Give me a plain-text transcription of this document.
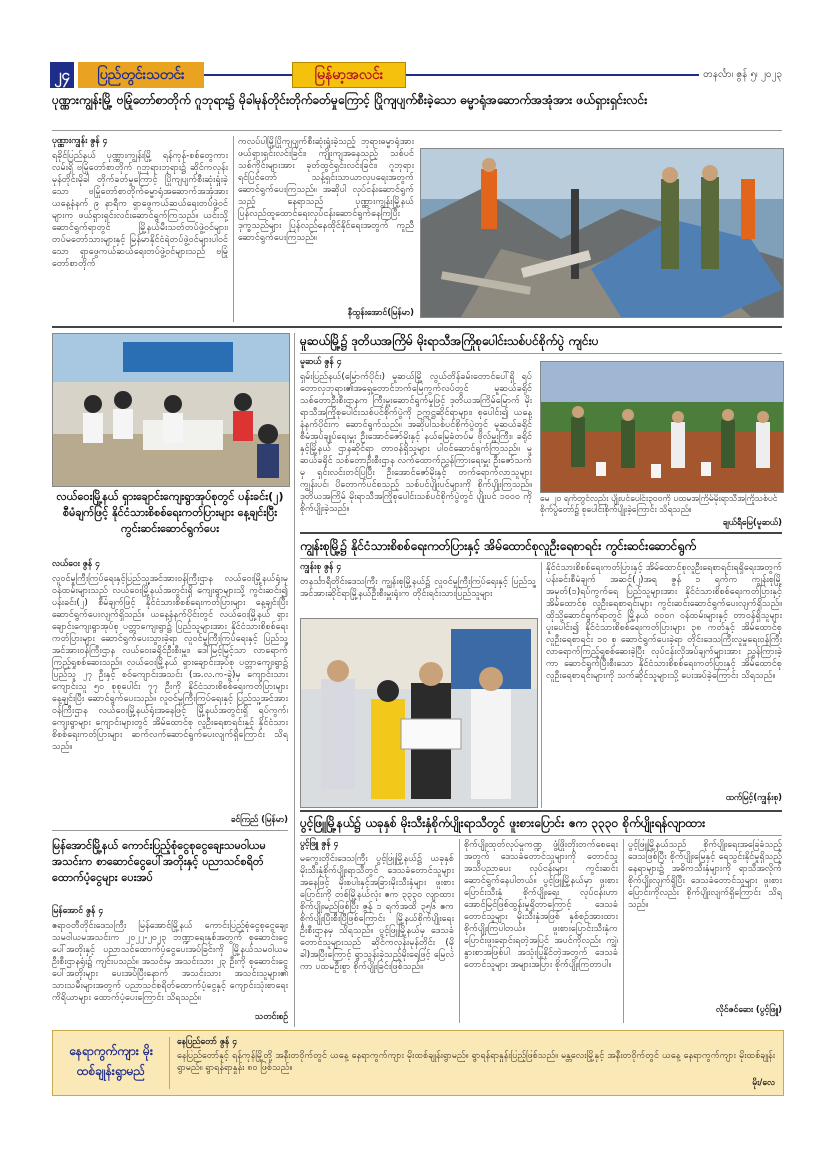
၂၄	ပြည်တွင်းသတင်း	မြန်မာ့အလင်း	တနင်္လာ၊ ဇွန် ၅၊ ၂၀၂၃
ပုဏ္ဏားကျွန်းမြို့ ဗမြုံတော်စာတိုက် ဂူဘုရား၌ မိုခါမုန်တိုင်းတိုက်ခတ်မှုကြောင့် ပြိုကျပျက်စီးခဲ့သော ဓမ္မာရုံအဆောက်အအုံအား ဖယ်ရှားရှင်းလင်း
ပုဏ္ဏားကျွန်း ဇွန် ၄
ရခိုင်ပြည်နယ် ပုဏ္ဏားကျွန်းမြို့ ရန်ကုန်-စစ်တွေကားလမ်းရှိ ဗမြုံတော်စာတိုက် ဂူဘုရားဘုရား၌ ဆိုင်ကလုန်းမုန်တိုင်းမိုခါ တိုက်ခတ်မှုကြောင့် ပြိုကျပျက်စီးဆုံးရှုံးခဲ့သော ဗမြုံတော်စာတိုက်ဓမ္မာရုံအဆောက်အအုံအား ယနေ့နံနက် ၉ နာရီက ရှာဖွေကယ်ဆယ်ရေးတပ်ဖွဲ့ဝင်များက ဖယ်ရှားရှင်းလင်းဆောင်ရွက်ကြသည်။ ယင်းသို့ဆောင်ရွက်ရာတွင် မြို့နယ်မီးသတ်တပ်ဖွဲ့ဝင်များ၊ တပ်မတော်သားများနှင့် မြန်မာနိုင်ငံရဲတပ်ဖွဲ့ဝင်များပါဝင်သော ရှာဖွေကယ်ဆယ်ရေးတပ်ဖွဲ့ဝင်များသည် ဗမြုံတော်စာတိုက်
ကလပ်ပါမြို့ပြိုကျပျက်စီးဆုံးရှုံးခဲ့သည့် ဘုရားဓမ္မာရုံအား ဖယ်ရှားရှင်းလင်းခြင်း၊ ကျိုးကျအနေသည့် သစ်ပင်သစ်ကိုင်းများအား ခုတ်ထွင်ရှင်းလင်းခြင်း၊ ဂူဘုရားရင်ပြင်တော် သန့်ရှင်းသာယာလှပရေးအတွက် ဆောင်ရွက်ပေးကြသည်။ အဆိုပါ လုပ်ငန်းဆောင်ရွက်သည့် နေရာသည် ပုဏ္ဏားကျွန်းမြို့နယ်ပြန်လည်ထူထောင်ရေးလုပ်ငန်းဆောင်ရွက်နေကြပြီး ဒုက္ခသည်များ ပြန်လည်နေထိုင်နိုင်ရေးအတွက် ကူညီဆောင်ရွက်ပေးကြသည်။
နီထွန်းအောင်(မြန်မာ)
လယ်ဝေးမြို့နယ် ရှားချောင်းကျေးရွာအုပ်စုတွင် ပန်းခင်း(၂) စီမံချက်ဖြင့် နိုင်ငံသားစိစစ်ရေးကတ်ပြားများ နေ့ချင်းပြီး ကွင်းဆင်းဆောင်ရွက်ပေး
လယ်ဝေး ဇွန် ၄
လူဝင်မှုကြီးကြပ်ရေးနှင့်ပြည်သူ့အင်အားဝန်ကြီးဌာန လယ်ဝေးမြို့နယ်ရုံးမှ ဝန်ထမ်းများသည် လယ်ဝေးမြို့နယ်အတွင်းရှိ ကျေးရွာများသို့ ကွင်းဆင်း၍ ပန်းခင်း(၂) စီမံချက်ဖြင့် နိုင်ငံသားစိစစ်ရေးကတ်ပြားများ နေ့ချင်းပြီး ဆောင်ရွက်ပေးလျက်ရှိသည်။ ယနေ့နံနက်ပိုင်းတွင် လယ်ဝေးမြို့နယ် ရှားချောင်းကျေးရွာအုပ်စု ပတ္တာကျေးရွာ၌ ပြည်သူများအား နိုင်ငံသားစိစစ်ရေးကတ်ပြားများ ဆောင်ရွက်ပေးသွားခဲ့ရာ လူဝင်မှုကြီးကြပ်ရေးနှင့် ပြည်သူ့အင်အားဝန်ကြီးဌာန လယ်ဝေးခရိုင်ဦးစီးမှူး၊ ဒေါ်မြင့်မြင့်သာ လာရောက်ကြည့်ရှုစစ်ဆေးသည်။ လယ်ဝေးမြို့နယ် ရှားချောင်းအုပ်စု ပတ္တာကျေးရွာ၌ ပြည်သူ ၂၇ ဦးနှင့် စဝ်ကျောင်းအသင်း (အ.လ.က-ခွဲ)မှ ကျောင်းသား ကျောင်းသူ ၅၀ စုစုပေါင်း ၇၇ ဦးကို နိုင်ငံသားစိစစ်ရေးကတ်ပြားများ နေ့ချင်းပြီး ဆောင်ရွက်ပေးသည်။ လူဝင်မှုကြီးကြပ်ရေးနှင့် ပြည်သူ့အင်အားဝန်ကြီးဌာန လယ်ဝေးမြို့နယ်ရုံးအနေဖြင့် မြို့နယ်အတွင်းရှိ ရပ်ကွက်၊ ကျေးရွာများ ကျောင်းများတွင် အိမ်ထောင်စု လူဦးရေစာရင်းနှင့် နိုင်ငံသားစိစစ်ရေးကတ်ပြားများ ဆက်လက်ဆောင်ရွက်ပေးလျက်ရှိကြောင်း သိရသည်။
ခင်ကြည် (မြန်မာ)
မြန်အောင်မြို့နယ် ကောင်းပြည့်စုံငွေစုငွေချေးသမဝါယမအသင်းက စာဆောင်ငွေပေါ်အတိုးနှင့် ပညာသင်စရိတ်ထောက်ပံ့ငွေများ ပေးအပ်
မြန်အောင် ဇွန် ၄
ဧရာဝတီတိုင်းဒေသကြီး မြန်အောင်မြို့နယ် ကောင်းပြည့်စုံငွေစုငွေချေးသမဝါယမအသင်းက ၂၀၂၂-၂၀၂၃ ဘဏ္ဍာရေးနှစ်အတွက် စုဆောင်းငွေပေါ်အတိုးနှင့် ပညာသင်ထောက်ပံ့ငွေပေးအပ်ခြင်းကို မြို့နယ်သမဝါယမဦးစီးဌာနရုံး၌ ကျင်းပသည်။ အသင်းမှ အသင်းသား ၂၃ ဦးကို စုဆောင်းငွေပေါ်အတိုးများ ပေးအပ်ပြီးနောက် အသင်းသား အသင်းသူများ၏ သားသမီးများအတွက် ပညာသင်စရိတ်ထောက်ပံ့ငွေနှင့် ကျောင်းသုံးစာရေးကိရိယာများ ထောက်ပံ့ပေးကြောင်း သိရသည်။
သတင်းစဉ်
မူဆယ်မြို့၌ ဒုတိယအကြိမ် မိုးရာသီအကြိုစုပေါင်းသစ်ပင်စိုက်ပွဲ ကျင်းပ
မူဆယ် ဇွန် ၄
ရှမ်းပြည်နယ်(မြောက်ပိုင်း) မူဆယ်မြို့ လွယ်တိန်ခမ်းတောင်ပေါ်ရှိ ရပ်တောလှဘုရား၏အရှေ့တောင်ဘက်မြေကွက်လပ်တွင် မူဆယ်ခရိုင်သစ်တောဦးစီးဌာနက ကြီးမှူးဆောင်ရွက်မှုဖြင့် ဒုတိယအကြိမ်မြောက် မိုးရာသီအကြိုစုပေါင်းသစ်ပင်စိုက်ပွဲကို ဥက္ကဋ္ဌဆိုင်ရာများ၊ စုပေါင်း၍ ယနေ့နံနက်ပိုင်းက ဆောင်ရွက်သည်။ အဆိုပါသစ်ပင်စိုက်ပွဲတွင် မူဆယ်ခရိုင်စီမံအုပ်ချုပ်ရေးမှူး ဦးအောင်ဇော်မိုးနှင့် နယ်မြေခံတပ်မ ဗိုလ်မှူးကြီး၊ ခရိုင်နှင့်မြို့နယ် ဌာနဆိုင်ရာ တာဝန်ရှိသူများ ပါဝင်ဆောင်ရွက်ကြသည်။ မူဆယ်ခရိုင် သစ်တောဦးစီးဌာန လက်ထောက်ညွှန်ကြားရေးမှူး ဦးဇော်သက်မှ ရှင်းလင်းတင်ပြပြီး ဦးအောင်ဇော်မိုးနှင့် တက်ရောက်လာသူများ ကျွန်းပင်၊ ပိတောက်ပင်စသည့် သစ်ပင်ပျိုးပင်များကို စိုက်ပျိုးကြသည်။ ဒုတိယအကြိမ် မိုးရာသီအကြိုစုပေါင်းသစ်ပင်စိုက်ပွဲတွင် ပျိုးပင် ၁၀၀၀ ကို စိုက်ပျိုးခဲ့သည်။
မေ ၂၀ ရက်တွင်လည်း ပျိုးပင်ပေါင်း၃၀၀ကို ပထမအကြိမ်မိုးရာသီအကြိုသစ်ပင်စိုက်ပွဲတော်၌ စုပေါင်းစိုက်ပျိုးခဲ့ကြောင်း သိရသည်။
ချယ်ရီမြေ(မူဆယ်)
ကျွန်းစုမြို့၌ နိုင်ငံသားစိစစ်ရေးကတ်ပြားနှင့် အိမ်ထောင်စုလူဦးရေစာရင်း ကွင်းဆင်းဆောင်ရွက်
ကျွန်းစု ဇွန် ၄
တနင်္သာရီတိုင်းဒေသကြီး ကျွန်းစုမြို့နယ်၌ လူဝင်မှုကြီးကြပ်ရေးနှင့် ပြည်သူ့အင်အားဆိုင်ရာမြို့နယ်ဦးစီးမှူးရုံးက တိုင်းရင်းသားပြည်သူများ
နိုင်ငံသားစိစစ်ရေးကတ်ပြားနှင့် အိမ်ထောင်စုလူဦးရေစာရင်းရရှိရေးအတွက် ပန်းခင်းစီမံချက် အဆင့်(၂)အရ ဇွန် ၁ ရက်က ကျွန်းစုမြို့ အမှတ်(၁)ရပ်ကွက်ရေ ပြည်သူများအား နိုင်ငံသားစိစစ်ရေးကတ်ပြားနှင့်အိမ်ထောင်စု လူဦးရေစာရင်းများ ကွင်းဆင်းဆောင်ရွက်ပေးလျက်ရှိသည်။ ထိုသို့ဆောင်ရွက်ရာတွင် မြို့နယ် ၀၀၀ဂ ဝန်ထမ်းများနှင့် တာဝန်ရှိသူများ ပူးပေါင်း၍ နိုင်ငံသားစိစစ်ရေးကတ်ပြားများ ၃၈ ကတ်နှင့် အိမ်ထောင်စုလူဦးရေစာရင်း ၁၀ စု ဆောင်ရွက်ပေးခဲ့ရာ တိုင်းဒေသကြီးလူမှုရေးဝန်ကြီး လာရောက်ကြည့်ရှုစစ်ဆေးခဲ့ပြီး လုပ်ငန်းလိုအပ်ချက်များအား ညွှန်ကြားခဲ့ကာ ဆောင်ရွက်ပြီးစီးသော နိုင်ငံသားစိစစ်ရေးကတ်ပြားနှင့် အိမ်ထောင်စုလူဦးရေစာရင်းများကို သက်ဆိုင်သူများသို့ ပေးအပ်ခဲ့ကြောင်း သိရသည်။
ထက်မြင့်(ကျွန်းစု)
ပွင့်ဖြူမြို့နယ်၌ ယခုနှစ် မိုးသီးနှံစိုက်ပျိုးရာသီတွင် ဖူးစားပြောင်း ဧက ၃၃၃၀ စိုက်ပျိုးရန်လျာထား
ပွင့်ဖြူ ဇွန် ၄
မကွေးတိုင်းဒေသကြီး ပွင့်ဖြူမြို့နယ်၌ ယခုနှစ်မိုးသီးနှံစိုက်ပျိုးရာသီတွင် ဒေသခံတောင်သူများအနေဖြင့် မိုးစပါးနှင့်အခြားမိုးသီးနှံများ ဖူးစားပြောင်းကို တစ်မြို့နယ်လုံး ဧက ၃၃၃၀ လျာထားစိုက်ပျိုးမည်ဖြစ်ပြီး ဇွန် ၁ ရက်အထိ ၃၅၆ ဧက စိုက်ပျိုးပြီးစီးပြီဖြစ်ကြောင်း မြို့နယ်စိုက်ပျိုးရေးဦးစီးဌာနမှ သိရသည်။ ပွင့်ဖြူမြို့နယ်မှ ဒေသခံတောင်သူများသည် ဆိုင်ကလုန်းမုန်တိုင်း (မိုခါ)အပြီးကြောင့် ရွာသွန်းခဲ့သည့်မိုးရေဖြင့် မြေလဲကာ ပထမဦးစွာ စိုက်ပျိုးခြင်းဖြစ်သည်။
စိုက်ပျိုးထုတ်လုပ်မှုကဏ္ဍ ဖွံ့ဖြိုးတိုးတက်စေရေးအတွက် ဒေသခံတောင်သူများကို တောင်သူအသိပညာပေး လုပ်ငန်းများ ကွင်းဆင်းဆောင်ရွက်နေပါတယ်။ ပွင့်ဖြူမြို့နယ်မှာ ဖူးစားပြောင်းသီးနှံ စိုက်ပျိုးရေး လုပ်ငန်းဟာ အောင်မြင်ဖြစ်ထွန်းမှုရှိတာကြောင့် ဒေသခံတောင်သူများ မိုးသီးနှံအဖြစ် နှစ်စဉ်အားထား စိုက်ပျိုးကြပါတယ်။ ဖူးစားပြောင်းသီးနှံက ပြောင်းဖူးရောင်းရတဲ့အပြင် အပင်ကိုလည်း ကျွဲ၊ နွားစာအဖြစ်ပါ အသုံးပြုနိုင်တဲ့အတွက် ဒေသခံတောင်သူများ အများအပြား စိုက်ပျိုးကြတာပါ။
ပွင့်ဖြူမြို့နယ်သည် စိုက်ပျိုးရေးအခြေခံသည့်ဒေသဖြစ်ပြီး စိုက်ပျိုးမြေနှင့် ရေသွင်းနိုင်မှုရှိသည့်နေရာများ၌ အဓိကသီးနှံများကို ရာသီအလိုက်စိုက်ပျိုးလျက်ရှိပြီး ဒေသခံတောင်သူများ ဖူးစားပြောင်းကိုလည်း စိုက်ပျိုးလျက်ရှိကြောင်း သိရသည်။
လိုင်ဇင်ဆေး (ပွင့်ဖြူ)
နေရာကွက်ကျား မိုးထစ်ချုန်းရွာမည်
နေပြည်တော် ဇွန် ၄
နေပြည်တော်နှင့် ရန်ကုန်မြို့တို့ အနီးတဝိုက်တွင် ယနေ့ နေရာကွက်ကျား မိုးထစ်ချုန်းရွာမည်။ ရွာရန်ရာနှုန်းပြည့်ဖြစ်သည်။ မန္တလေးမြို့နှင့် အနီးတဝိုက်တွင် ယနေ့ နေရာကွက်ကျား မိုးထစ်ချုန်းရွာမည်။ ရွာရန်ရာနှုန်း ၈၀ ဖြစ်သည်။
မိုး/လေ
